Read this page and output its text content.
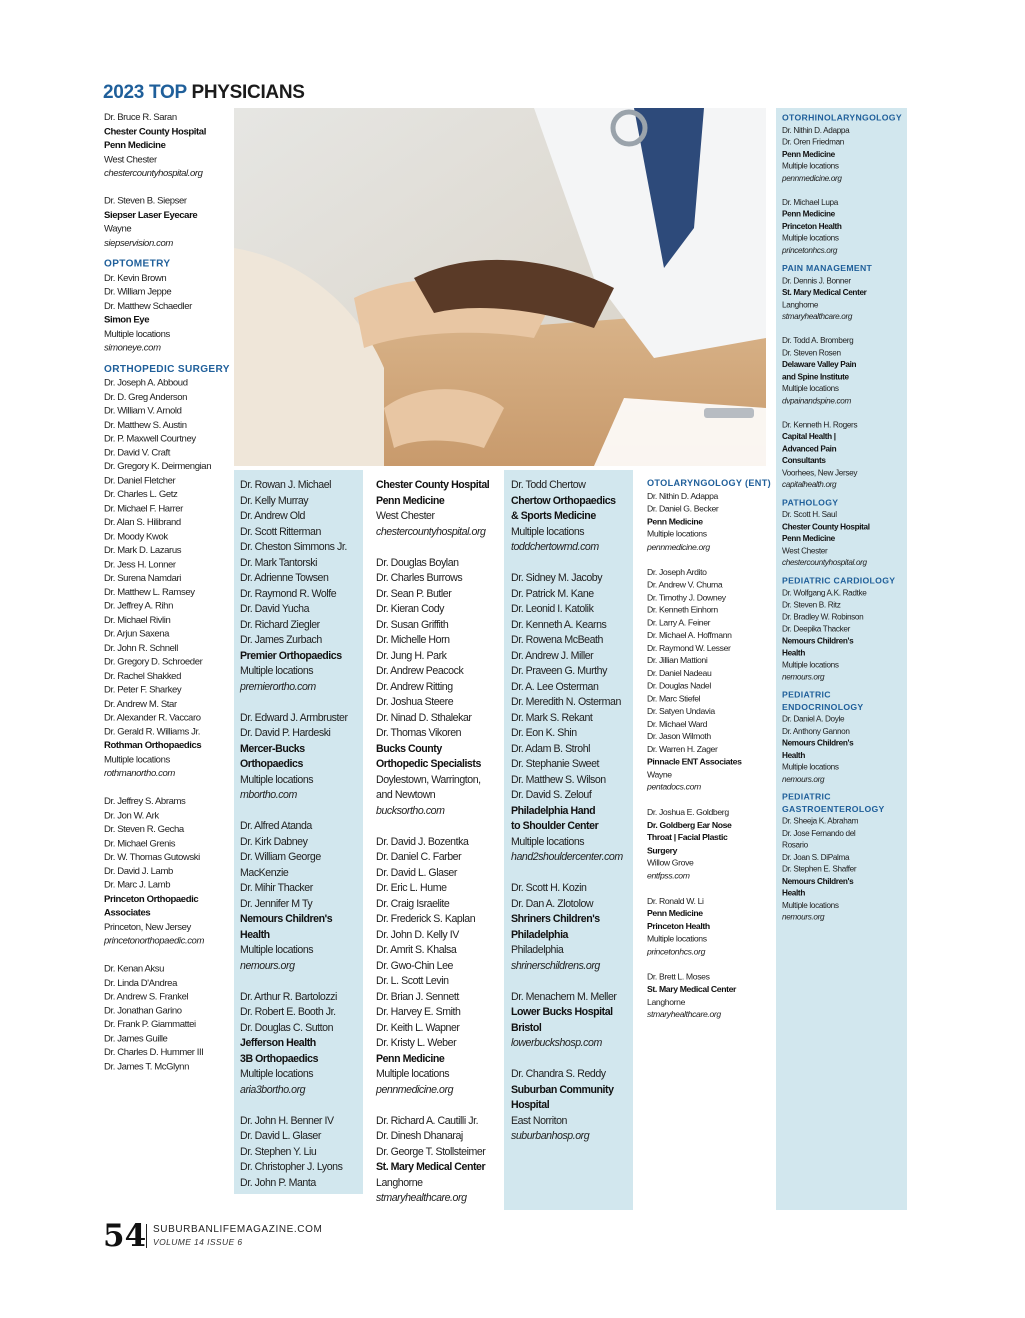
2023 TOP PHYSICIANS
Dr. Bruce R. Saran
Chester County Hospital
Penn Medicine
West Chester
chestercountyhospital.org
Dr. Steven B. Siepser
Siepser Laser Eyecare
Wayne
siepservision.com
OPTOMETRY
Dr. Kevin Brown
Dr. William Jeppe
Dr. Matthew Schaedler
Simon Eye
Multiple locations
simoneye.com
ORTHOPEDIC SURGERY
Dr. Joseph A. Abboud
Dr. D. Greg Anderson
Dr. William V. Arnold
Dr. Matthew S. Austin
Dr. P. Maxwell Courtney
Dr. David V. Craft
Dr. Gregory K. Deirmengian
Dr. Daniel Fletcher
Dr. Charles L. Getz
Dr. Michael F. Harrer
Dr. Alan S. Hilibrand
Dr. Moody Kwok
Dr. Mark D. Lazarus
Dr. Jess H. Lonner
Dr. Surena Namdari
Dr. Matthew L. Ramsey
Dr. Jeffrey A. Rihn
Dr. Michael Rivlin
Dr. Arjun Saxena
Dr. John R. Schnell
Dr. Gregory D. Schroeder
Dr. Rachel Shakked
Dr. Peter F. Sharkey
Dr. Andrew M. Star
Dr. Alexander R. Vaccaro
Dr. Gerald R. Williams Jr.
Rothman Orthopaedics
Multiple locations
rothmanortho.com
Dr. Jeffrey S. Abrams
Dr. Jon W. Ark
Dr. Steven R. Gecha
Dr. Michael Grenis
Dr. W. Thomas Gutowski
Dr. David J. Lamb
Dr. Marc J. Lamb
Princeton Orthopaedic
Associates
Princeton, New Jersey
princetonorthopaedic.com
Dr. Kenan Aksu
Dr. Linda D'Andrea
Dr. Andrew S. Frankel
Dr. Jonathan Garino
Dr. Frank P. Giammattei
Dr. James Guille
Dr. Charles D. Hummer III
Dr. James T. McGlynn
Dr. Rowan J. Michael
Dr. Kelly Murray
Dr. Andrew Old
Dr. Scott Ritterman
Dr. Cheston Simmons Jr.
Dr. Mark Tantorski
Dr. Adrienne Towsen
Dr. Raymond R. Wolfe
Dr. David Yucha
Dr. Richard Ziegler
Dr. James Zurbach
Premier Orthopaedics
Multiple locations
premierortho.com
Dr. Edward J. Armbruster
Dr. David P. Hardeski
Mercer-Bucks
Orthopaedics
Multiple locations
mbortho.com
Dr. Alfred Atanda
Dr. Kirk Dabney
Dr. William George
MacKenzie
Dr. Mihir Thacker
Dr. Jennifer M Ty
Nemours Children's
Health
Multiple locations
nemours.org
Dr. Arthur R. Bartolozzi
Dr. Robert E. Booth Jr.
Dr. Douglas C. Sutton
Jefferson Health
3B Orthopaedics
Multiple locations
aria3bortho.org
Dr. John H. Benner IV
Dr. David L. Glaser
Dr. Stephen Y. Liu
Dr. Christopher J. Lyons
Dr. John P. Manta
Chester County Hospital
Penn Medicine
West Chester
chestercountyhospital.org
Dr. Douglas Boylan
Dr. Charles Burrows
Dr. Sean P. Butler
Dr. Kieran Cody
Dr. Susan Griffith
Dr. Michelle Horn
Dr. Jung H. Park
Dr. Andrew Peacock
Dr. Andrew Ritting
Dr. Joshua Steere
Dr. Ninad D. Sthalekar
Dr. Thomas Vikoren
Bucks County
Orthopedic Specialists
Doylestown, Warrington,
and Newtown
bucksortho.com
Dr. David J. Bozentka
Dr. Daniel C. Farber
Dr. David L. Glaser
Dr. Eric L. Hume
Dr. Craig Israelite
Dr. Frederick S. Kaplan
Dr. John D. Kelly IV
Dr. Amrit S. Khalsa
Dr. Gwo-Chin Lee
Dr. L. Scott Levin
Dr. Brian J. Sennett
Dr. Harvey E. Smith
Dr. Keith L. Wapner
Dr. Kristy L. Weber
Penn Medicine
Multiple locations
pennmedicine.org
Dr. Richard A. Cautilli Jr.
Dr. Dinesh Dhanaraj
Dr. George T. Stollsteimer
St. Mary Medical Center
Langhorne
stmaryhealthcare.org
Dr. Todd Chertow
Chertow Orthopaedics
& Sports Medicine
Multiple locations
toddchertowmd.com
Dr. Sidney M. Jacoby
Dr. Patrick M. Kane
Dr. Leonid I. Katolik
Dr. Kenneth A. Kearns
Dr. Rowena McBeath
Dr. Andrew J. Miller
Dr. Praveen G. Murthy
Dr. A. Lee Osterman
Dr. Meredith N. Osterman
Dr. Mark S. Rekant
Dr. Eon K. Shin
Dr. Adam B. Strohl
Dr. Stephanie Sweet
Dr. Matthew S. Wilson
Dr. David S. Zelouf
Philadelphia Hand
to Shoulder Center
Multiple locations
hand2shouldercenter.com
Dr. Scott H. Kozin
Dr. Dan A. Zlotolow
Shriners Children's
Philadelphia
Philadelphia
shrinerschildrens.org
Dr. Menachem M. Meller
Lower Bucks Hospital
Bristol
lowerbuckshosp.com
Dr. Chandra S. Reddy
Suburban Community
Hospital
East Norriton
suburbanhosp.org
OTOLARYNGOLOGY (ENT)
Dr. Nithin D. Adappa
Dr. Daniel G. Becker
Penn Medicine
Multiple locations
pennmedicine.org
Dr. Joseph Ardito
Dr. Andrew V. Chuma
Dr. Timothy J. Downey
Dr. Kenneth Einhorn
Dr. Larry A. Feiner
Dr. Michael A. Hoffmann
Dr. Raymond W. Lesser
Dr. Jillian Mattioni
Dr. Daniel Nadeau
Dr. Douglas Nadel
Dr. Marc Stiefel
Dr. Satyen Undavia
Dr. Michael Ward
Dr. Jason Wilmoth
Dr. Warren H. Zager
Pinnacle ENT Associates
Wayne
pentadocs.com
Dr. Joshua E. Goldberg
Dr. Goldberg Ear Nose
Throat | Facial Plastic
Surgery
Willow Grove
entfpss.com
Dr. Ronald W. Li
Penn Medicine
Princeton Health
Multiple locations
princetonhcs.org
Dr. Brett L. Moses
St. Mary Medical Center
Langhorne
stmaryhealthcare.org
OTORHINOLARYNGOLOGY
Dr. Nithin D. Adappa
Dr. Oren Friedman
Penn Medicine
Multiple locations
pennmedicine.org
Dr. Michael Lupa
Penn Medicine
Princeton Health
Multiple locations
princetonhcs.org
PAIN MANAGEMENT
Dr. Dennis J. Bonner
St. Mary Medical Center
Langhorne
stmaryhealthcare.org
Dr. Todd A. Bromberg
Dr. Steven Rosen
Delaware Valley Pain
and Spine Institute
Multiple locations
dvpainandspine.com
Dr. Kenneth H. Rogers
Capital Health |
Advanced Pain
Consultants
Voorhees, New Jersey
capitalhealth.org
PATHOLOGY
Dr. Scott H. Saul
Chester County Hospital
Penn Medicine
West Chester
chestercountyhospital.org
PEDIATRIC CARDIOLOGY
Dr. Wolfgang A.K. Radtke
Dr. Steven B. Ritz
Dr. Bradley W. Robinson
Dr. Deepika Thacker
Nemours Children's
Health
Multiple locations
nemours.org
PEDIATRIC
ENDOCRINOLOGY
Dr. Daniel A. Doyle
Dr. Anthony Gannon
Nemours Children's
Health
Multiple locations
nemours.org
PEDIATRIC
GASTROENTEROLOGY
Dr. Sheeja K. Abraham
Dr. Jose Fernando del
Rosario
Dr. Joan S. DiPalma
Dr. Stephen E. Shaffer
Nemours Children's
Health
Multiple locations
nemours.org
54 SUBURBANLIFEMAGAZINE.COM
VOLUME 14 ISSUE 6
